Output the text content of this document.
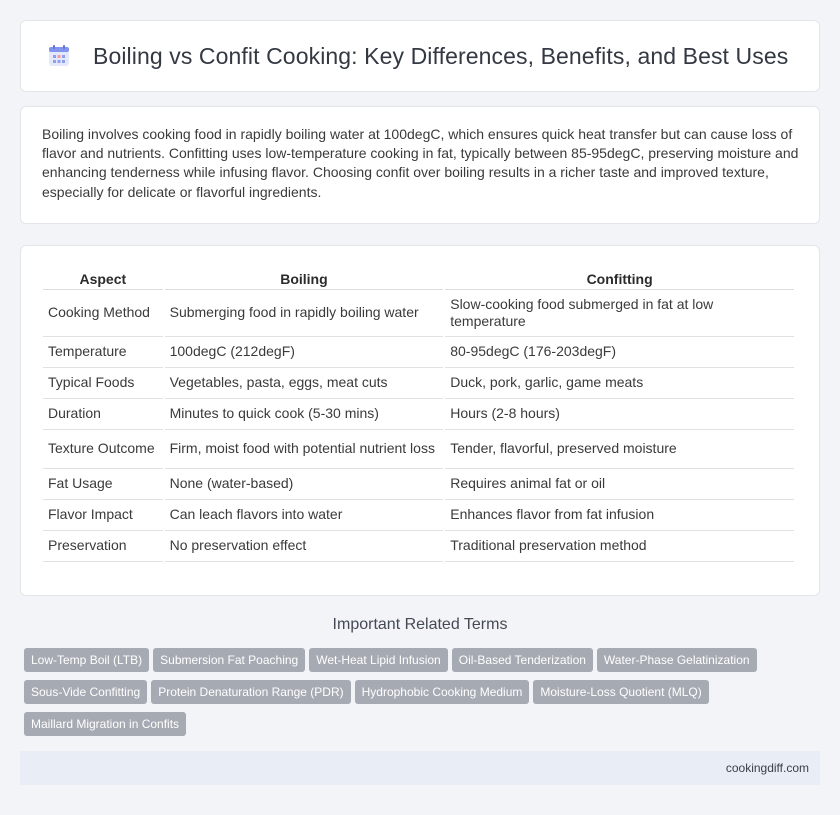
Boiling vs Confit Cooking: Key Differences, Benefits, and Best Uses

Boiling involves cooking food in rapidly boiling water at 100degC, which ensures quick heat transfer but can cause loss of flavor and nutrients. Confitting uses low-temperature cooking in fat, typically between 85-95degC, preserving moisture and enhancing tenderness while infusing flavor. Choosing confit over boiling results in a richer taste and improved texture, especially for delicate or flavorful ingredients.

Aspect	Boiling	Confitting
Cooking Method	Submerging food in rapidly boiling water	Slow-cooking food submerged in fat at low temperature
Temperature	100degC (212degF)	80-95degC (176-203degF)
Typical Foods	Vegetables, pasta, eggs, meat cuts	Duck, pork, garlic, game meats
Duration	Minutes to quick cook (5-30 mins)	Hours (2-8 hours)
Texture Outcome	Firm, moist food with potential nutrient loss	Tender, flavorful, preserved moisture
Fat Usage	None (water-based)	Requires animal fat or oil
Flavor Impact	Can leach flavors into water	Enhances flavor from fat infusion
Preservation	No preservation effect	Traditional preservation method
Important Related Terms
Low-Temp Boil (LTB) Submersion Fat Poaching Wet-Heat Lipid Infusion Oil-Based Tenderization Water-Phase GelatinizationSous-Vide Confitting Protein Denaturation Range (PDR) Hydrophobic Cooking Medium Moisture-Loss Quotient (MLQ)Maillard Migration in Confits
cookingdiff.com
